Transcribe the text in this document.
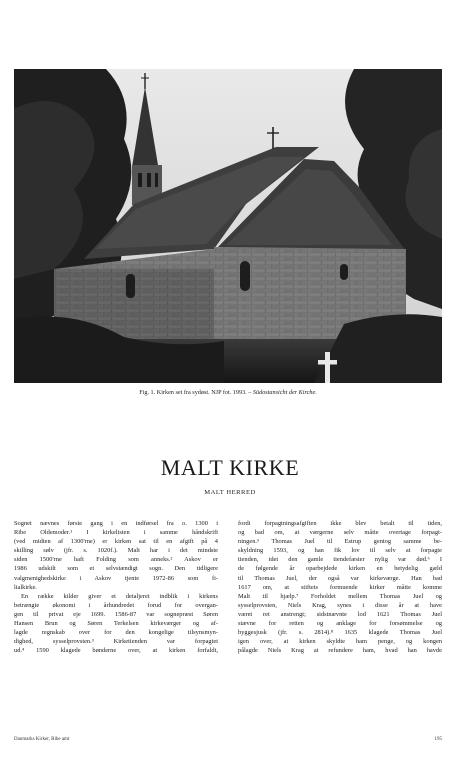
Fig. 1. Kirken set fra sydøst. NJP fot. 1993. – Südostansicht der Kirche.
MALT KIRKE
MALT HERRED
Sognet nævnes første gang i en indførsel fra o. 1300 i
Ribe Oldemoder.¹ I kirkelisten i samme håndskrift
(ved midten af 1300'rne) er kirken sat til en afgift på 4
skilling sølv (jfr. s. 1020f.). Malt har i det mindste
siden 1500'rne haft Folding som anneks.² Askov er
1986 udskilt som et selvstændigt sogn. Den tidligere
valgmenighedskirke i Askov tjente 1972-86 som fi-
lialkirke.
En række kilder giver et detaljeret indblik i kirkens
betrængte økonomi i århundredet forud for overgan-
gen til privat eje 1699. 1586-87 var sognepræst Søren
Hansen Brun og Søren Terkelsen kirkeværger og af-
lagde regnskab over for den kongelige tilsynsmyn-
dighed, sysselprovsten.³ Kirketienden var forpagtet
ud.⁴ 1590 klagede bønderne over, at kirken forfaldt,
fordi forpagtningsafgiften ikke blev betalt til tiden,
og bad om, at værgerne selv måtte overtage forpagt-
ningen.⁵ Thomas Juel til Estrup gentog samme be-
skyldning 1593, og han fik lov til selv at forpagte
tienden, idet den gamle tiendefæster nylig var død.⁶ I
de følgende år oparbejdede kirken en betydelig gæld
til Thomas Juel, der også var kirkeværge. Han bad
1617 om, at stiftets formuende kirker måtte komme
Malt til hjælp.⁷ Forholdet mellem Thomas Juel og
sysselprovsten, Niels Krag, synes i disse år at have
været ret anstrengt; sidstnævnte lod 1621 Thomas Juel
stævne for retten og anklage for forsømmelse og
byggesjusk (jfr. s. 2814).⁸ 1635 klagede Thomas Juel
igen over, at kirken skyldte ham penge, og kongen
pålagde Niels Krag at refundere ham, hvad han havde
Danmarks Kirker, Ribe amt	195
